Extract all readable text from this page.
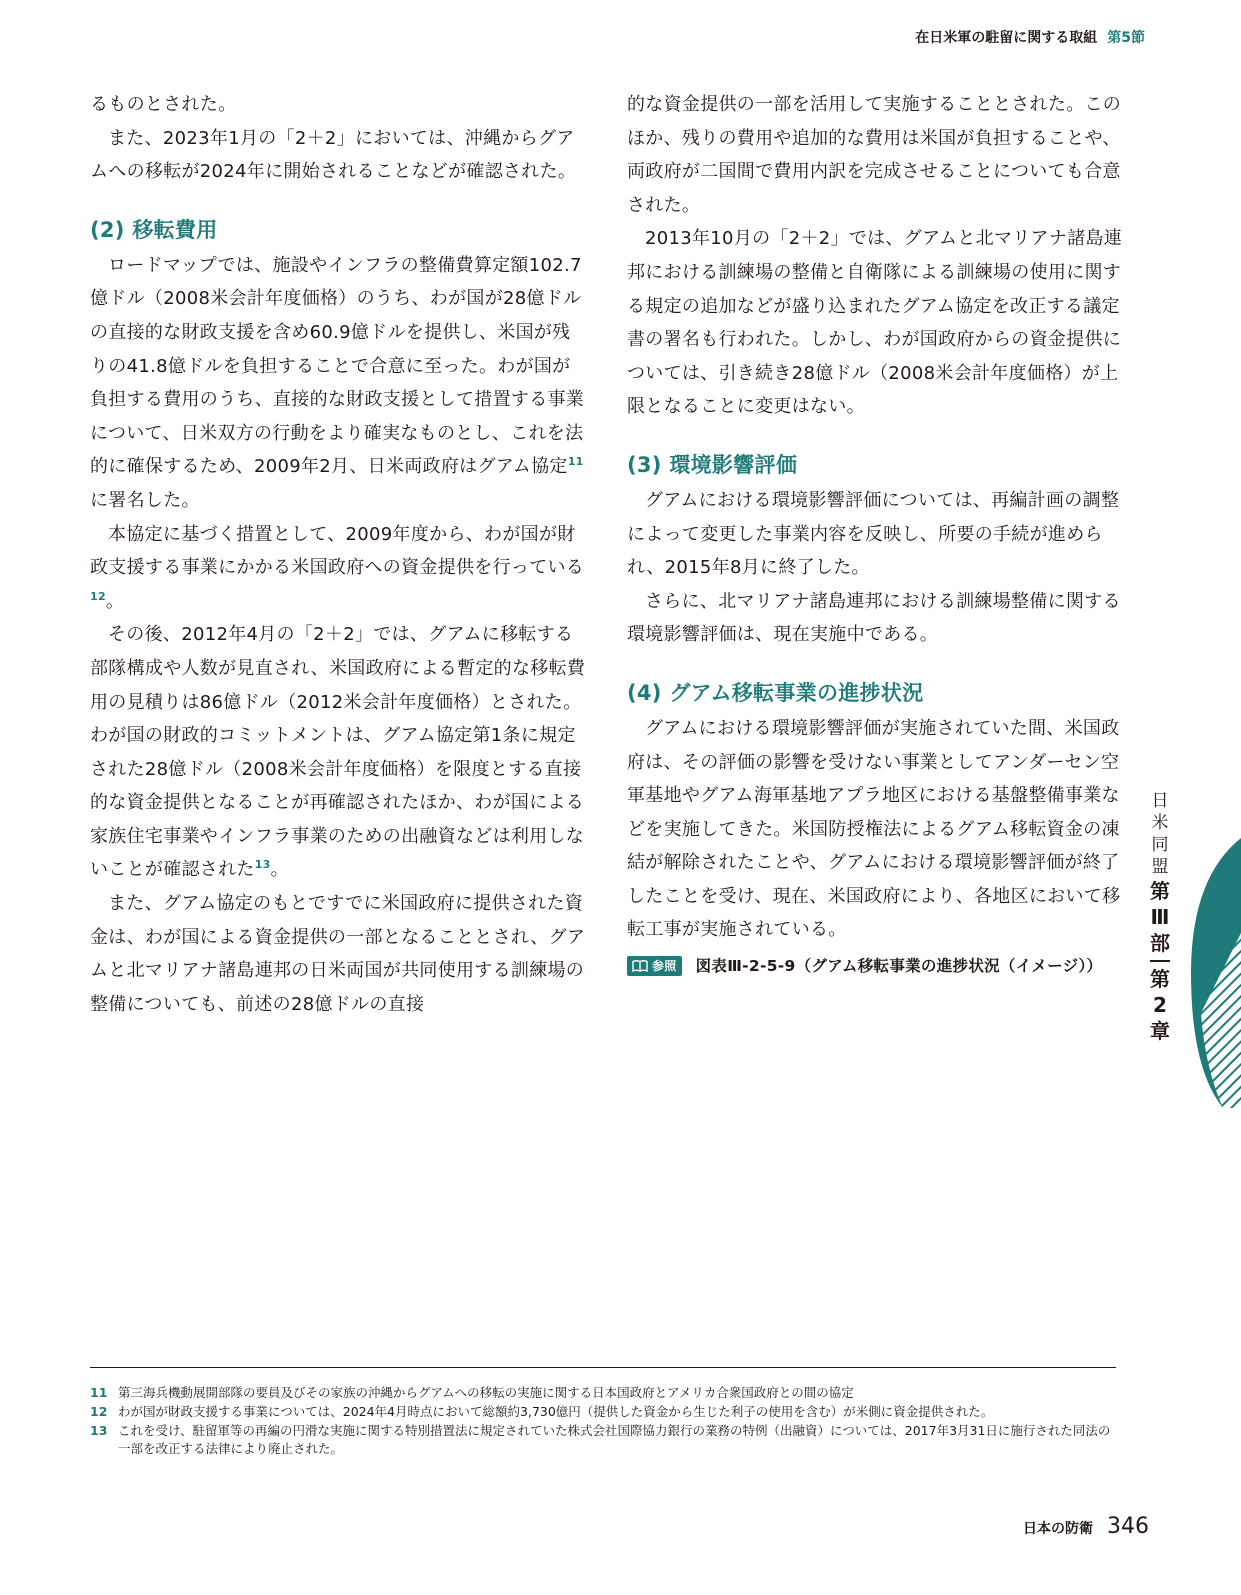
在日米軍の駐留に関する取組 第5節

るものとされた。

また、2023年1月の「2＋2」においては、沖縄からグアムへの移転が2024年に開始されることなどが確認された。

(2) 移転費用

ロードマップでは、施設やインフラの整備費算定額102.7億ドル（2008米会計年度価格）のうち、わが国が28億ドルの直接的な財政支援を含め60.9億ドルを提供し、米国が残りの41.8億ドルを負担することで合意に至った。わが国が負担する費用のうち、直接的な財政支援として措置する事業について、日米双方の行動をより確実なものとし、これを法的に確保するため、2009年2月、日米両政府はグアム協定$^{11}$に署名した。

本協定に基づく措置として、2009年度から、わが国が財政支援する事業にかかる米国政府への資金提供を行っている$^{12}$。

その後、2012年4月の「2＋2」では、グアムに移転する部隊構成や人数が見直され、米国政府による暫定的な移転費用の見積りは86億ドル（2012米会計年度価格）とされた。わが国の財政的コミットメントは、グアム協定第1条に規定された28億ドル（2008米会計年度価格）を限度とする直接的な資金提供となることが再確認されたほか、わが国による家族住宅事業やインフラ事業のための出融資などは利用しないことが確認された$^{13}$。

また、グアム協定のもとですでに米国政府に提供された資金は、わが国による資金提供の一部となることとされ、グアムと北マリアナ諸島連邦の日米両国が共同使用する訓練場の整備についても、前述の28億ドルの直接

的な資金提供の一部を活用して実施することとされた。このほか、残りの費用や追加的な費用は米国が負担することや、両政府が二国間で費用内訳を完成させることについても合意された。

2013年10月の「2＋2」では、グアムと北マリアナ諸島連邦における訓練場の整備と自衛隊による訓練場の使用に関する規定の追加などが盛り込まれたグアム協定を改正する議定書の署名も行われた。しかし、わが国政府からの資金提供については、引き続き28億ドル（2008米会計年度価格）が上限となることに変更はない。

(3) 環境影響評価

グアムにおける環境影響評価については、再編計画の調整によって変更した事業内容を反映し、所要の手続が進められ、2015年8月に終了した。

さらに、北マリアナ諸島連邦における訓練場整備に関する環境影響評価は、現在実施中である。

(4) グアム移転事業の進捗状況

グアムにおける環境影響評価が実施されていた間、米国政府は、その評価の影響を受けない事業としてアンダーセン空軍基地やグアム海軍基地アプラ地区における基盤整備事業などを実施してきた。米国防授権法によるグアム移転資金の凍結が解除されたことや、グアムにおける環境影響評価が終了したことを受け、現在、米国政府により、各地区において移転工事が実施されている。

参照 図表Ⅲ-2-5-9（グアム移転事業の進捗状況（イメージ））
日米同盟
第Ⅲ部
第2章
11 第三海兵機動展開部隊の要員及びその家族の沖縄からグアムへの移転の実施に関する日本国政府とアメリカ合衆国政府との間の協定
12 わが国が財政支援する事業については、2024年4月時点において総額約3,730億円（提供した資金から生じた利子の使用を含む）が米側に資金提供された。
13 これを受け、駐留軍等の再編の円滑な実施に関する特別措置法に規定されていた株式会社国際協力銀行の業務の特例（出融資）については、2017年3月31日に施行された同法の一部を改正する法律により廃止された。
日本の防衛 346
